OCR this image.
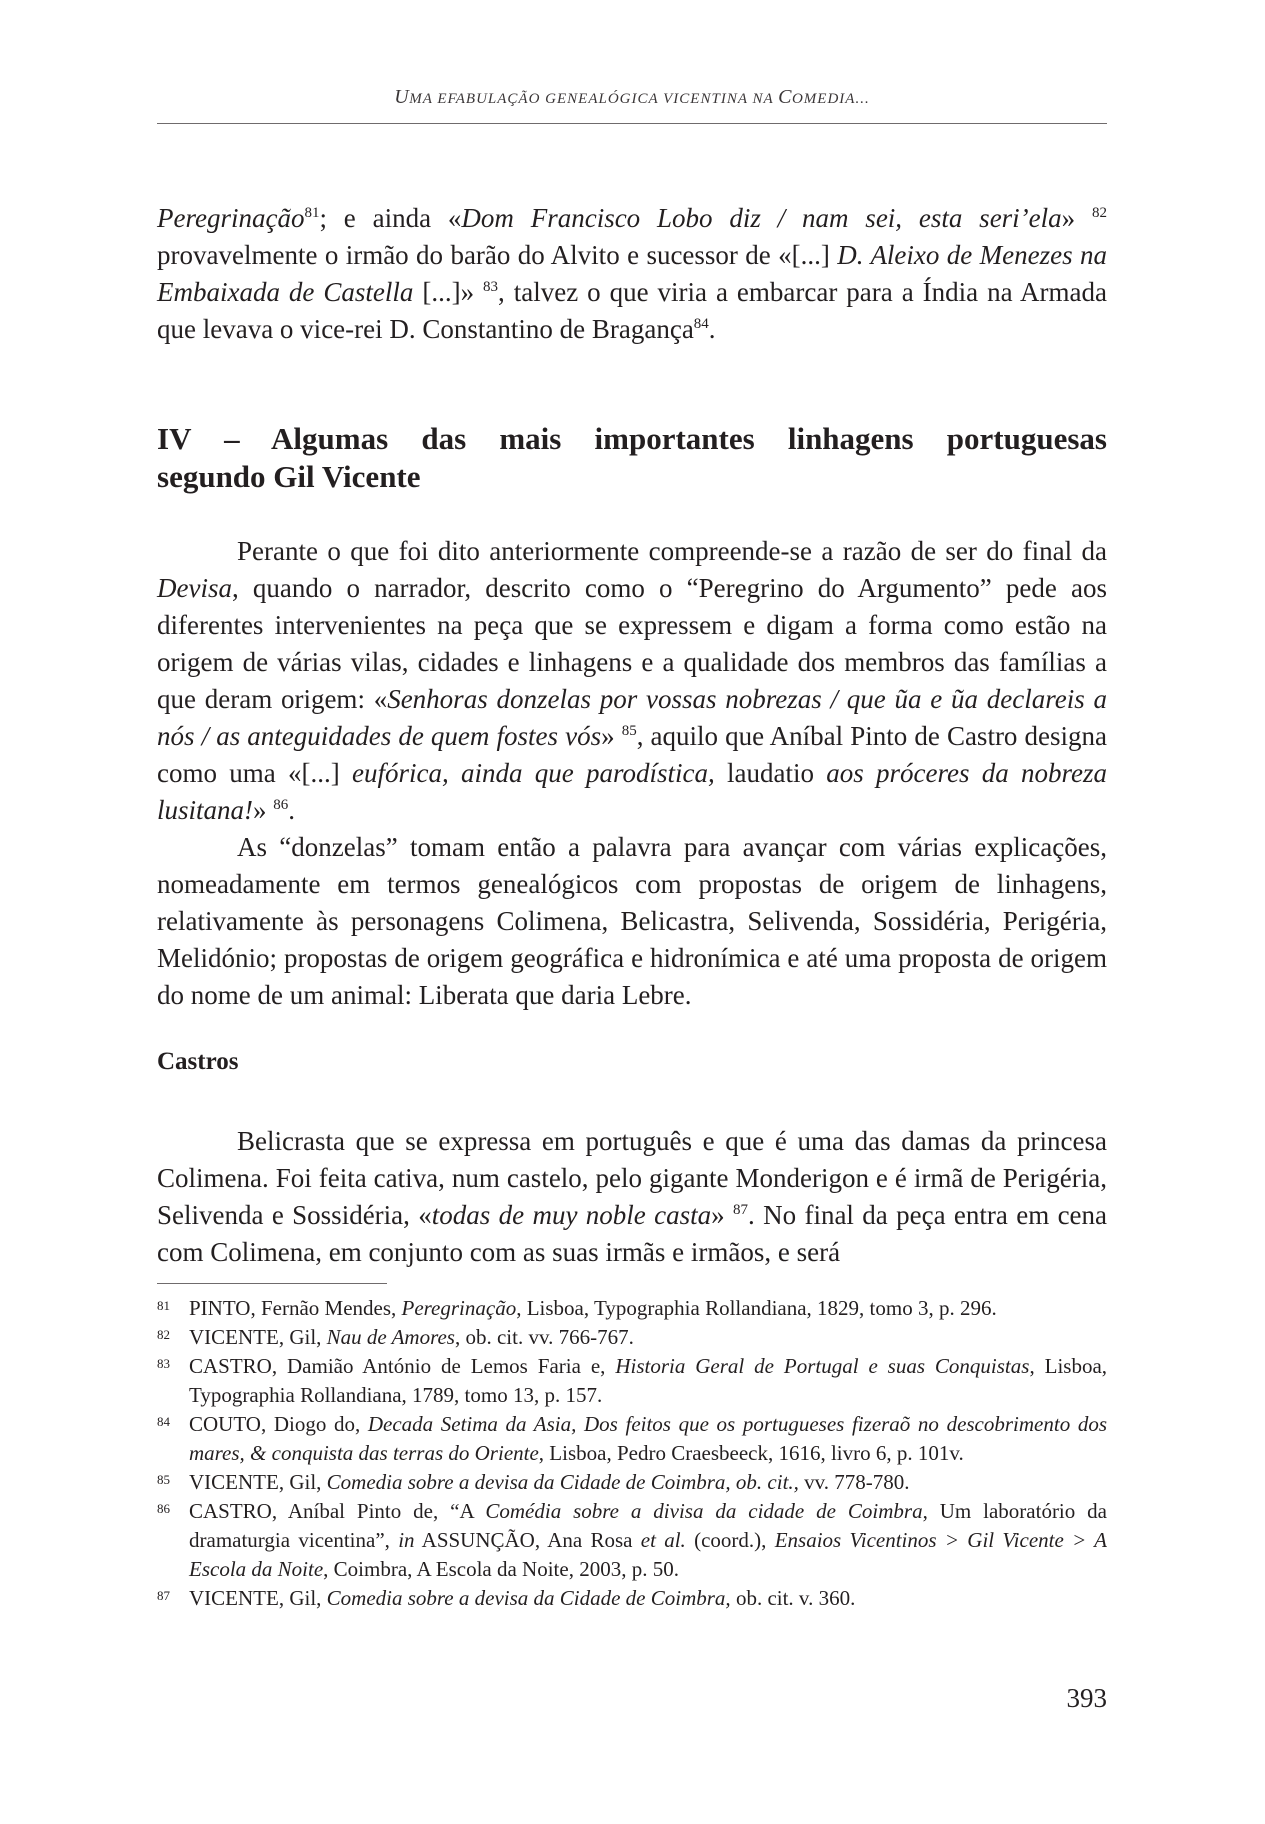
UMA EFABULAÇÃO GENEALÓGICA VICENTINA NA COMEDIA...

Peregrinação$^{81}$; e ainda «Dom Francisco Lobo diz / nam sei, esta seri’ela» $^{82}$ provavelmente o irmão do barão do Alvito e sucessor de «[...] D. Aleixo de Menezes na Embaixada de Castella [...]» $^{83}$, talvez o que viria a embarcar para a Índia na Armada que levava o vice-rei D. Constantino de Bragança$^{84}$.

IV – Algumas das mais importantes linhagens portuguesas
segundo Gil Vicente

Perante o que foi dito anteriormente compreende-se a razão de ser do final da Devisa, quando o narrador, descrito como o “Peregrino do Argumento” pede aos diferentes intervenientes na peça que se expressem e digam a forma como estão na origem de várias vilas, cidades e linhagens e a qualidade dos membros das famílias a que deram origem: «Senhoras donzelas por vossas nobrezas / que ũa e ũa declareis a nós / as anteguidades de quem fostes vós» $^{85}$, aquilo que Aníbal Pinto de Castro designa como uma «[...] eufórica, ainda que parodística, laudatio aos próceres da nobreza lusitana!» $^{86}$.

As “donzelas” tomam então a palavra para avançar com várias explicações, nomeadamente em termos genealógicos com propostas de origem de linhagens, relativamente às personagens Colimena, Belicastra, Selivenda, Sossidéria, Perigéria, Melidónio; propostas de origem geográfica e hidronímica e até uma proposta de origem do nome de um animal: Liberata que daria Lebre.

Castros

Belicrasta que se expressa em português e que é uma das damas da princesa Colimena. Foi feita cativa, num castelo, pelo gigante Monderigon e é irmã de Perigéria, Selivenda e Sossidéria, «todas de muy noble casta» $^{87}$. No final da peça entra em cena com Colimena, em conjunto com as suas irmãs e irmãos, e será

81 PINTO, Fernão Mendes, Peregrinação, Lisboa, Typographia Rollandiana, 1829, tomo 3, p. 296.
82 VICENTE, Gil, Nau de Amores, ob. cit. vv. 766-767.
83 CASTRO, Damião António de Lemos Faria e, Historia Geral de Portugal e suas Conquistas, Lisboa, Typographia Rollandiana, 1789, tomo 13, p. 157.
84 COUTO, Diogo do, Decada Setima da Asia, Dos feitos que os portugueses fizeraõ no descobrimento dos mares, & conquista das terras do Oriente, Lisboa, Pedro Craesbeeck, 1616, livro 6, p. 101v.
85 VICENTE, Gil, Comedia sobre a devisa da Cidade de Coimbra, ob. cit., vv. 778-780.
86 CASTRO, Aníbal Pinto de, “A Comédia sobre a divisa da cidade de Coimbra, Um laboratório da dramaturgia vicentina”, in ASSUNÇÃO, Ana Rosa et al. (coord.), Ensaios Vicentinos > Gil Vicente > A Escola da Noite, Coimbra, A Escola da Noite, 2003, p. 50.
87 VICENTE, Gil, Comedia sobre a devisa da Cidade de Coimbra, ob. cit. v. 360.
393
